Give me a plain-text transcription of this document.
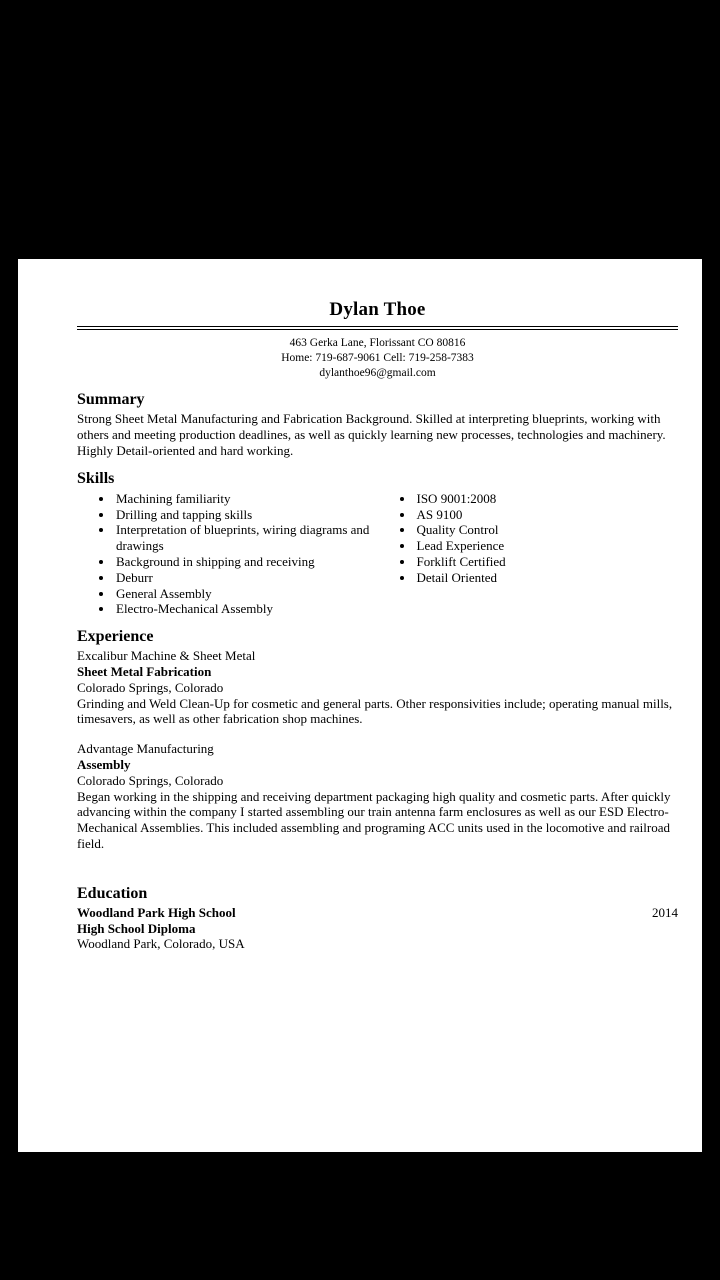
Dylan Thoe
463 Gerka Lane, Florissant CO 80816
Home: 719-687-9061 Cell: 719-258-7383
dylanthoe96@gmail.com
Summary
Strong Sheet Metal Manufacturing and Fabrication Background. Skilled at interpreting blueprints, working with others and meeting production deadlines, as well as quickly learning new processes, technologies and machinery. Highly Detail-oriented and hard working.
Skills
• Machining familiarity
• Drilling and tapping skills
• Interpretation of blueprints, wiring diagrams and drawings
• Background in shipping and receiving
• Deburr
• General Assembly
• Electro-Mechanical Assembly
• ISO 9001:2008
• AS 9100
• Quality Control
• Lead Experience
• Forklift Certified
• Detail Oriented
Experience
Excalibur Machine & Sheet Metal
Sheet Metal Fabrication
Colorado Springs, Colorado
Grinding and Weld Clean-Up for cosmetic and general parts. Other responsivities include; operating manual mills, timesavers, as well as other fabrication shop machines.
Advantage Manufacturing
Assembly
Colorado Springs, Colorado
Began working in the shipping and receiving department packaging high quality and cosmetic parts. After quickly advancing within the company I started assembling our train antenna farm enclosures as well as our ESD Electro-Mechanical Assemblies. This included assembling and programing ACC units used in the locomotive and railroad field.
Education
Woodland Park High School	2014
High School Diploma
Woodland Park, Colorado, USA
